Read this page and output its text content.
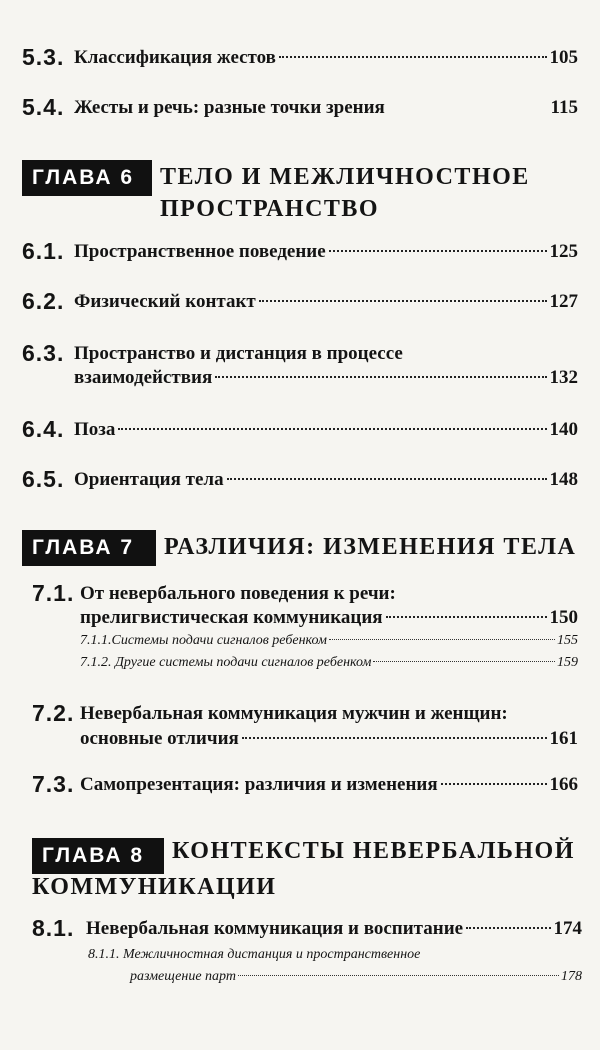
5.3. Классификация жестов	105
5.4. Жесты и речь: разные точки зрения	115
ГЛАВА 6	ТЕЛО И МЕЖЛИЧНОСТНОЕ
ПРОСТРАНСТВО
6.1. Пространственное поведение	125
6.2. Физический контакт	127
6.3. Пространство и дистанция в процессе
взаимодействия	132
6.4. Поза	140
6.5. Ориентация тела	148
ГЛАВА 7	РАЗЛИЧИЯ: ИЗМЕНЕНИЯ ТЕЛА
7.1. От невербального поведения к речи:
прелигвистическая коммуникация	150
7.1.1.Системы подачи сигналов ребенком	155
7.1.2. Другие системы подачи сигналов ребенком	159
7.2. Невербальная коммуникация мужчин и женщин:
основные отличия	161
7.3. Самопрезентация: различия и изменения	166
ГЛАВА 8	КОНТЕКСТЫ НЕВЕРБАЛЬНОЙ
КОММУНИКАЦИИ
8.1. Невербальная коммуникация и воспитание	174
8.1.1. Межличностная дистанция и пространственное
размещение парт	178
